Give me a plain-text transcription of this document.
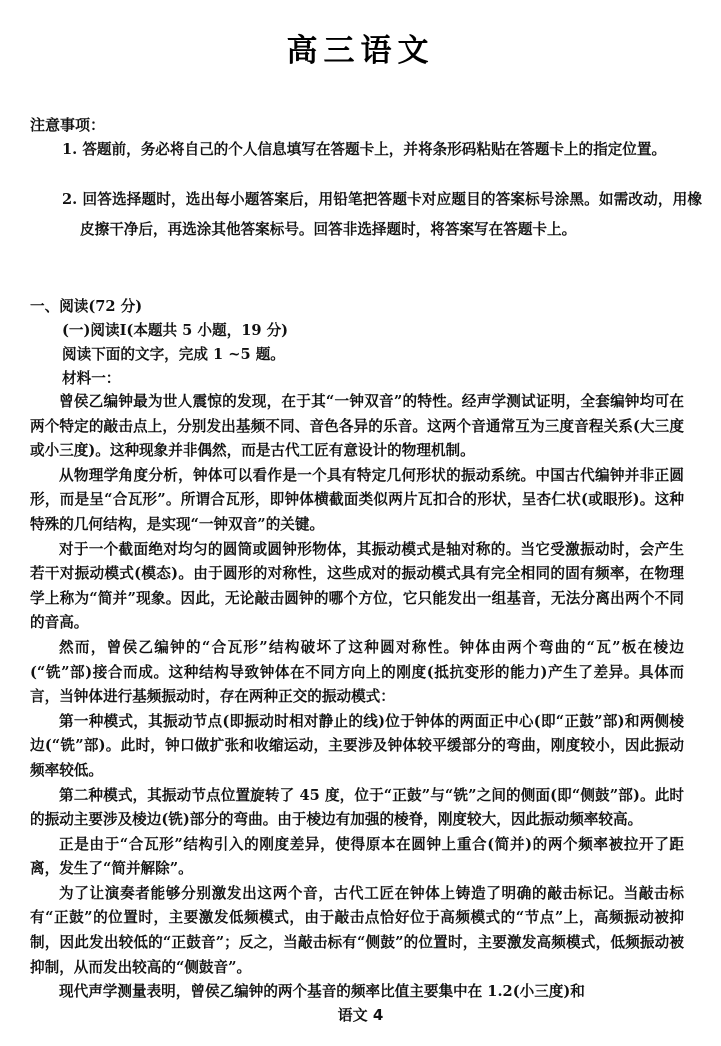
高三语文
注意事项：
1. 答题前，务必将自己的个人信息填写在答题卡上，并将条形码粘贴在答题卡上的指定位置。
2. 回答选择题时，选出每小题答案后，用铅笔把答题卡对应题目的答案标号涂黑。如需改动，用橡皮擦干净后，再选涂其他答案标号。回答非选择题时，将答案写在答题卡上。
一、阅读(72 分)
(一)阅读Ⅰ(本题共 5 小题，19 分)
阅读下面的文字，完成 1 ~5 题。
材料一：

曾侯乙编钟最为世人震惊的发现，在于其“一钟双音”的特性。经声学测试证明，全套编钟均可在两个特定的敲击点上，分别发出基频不同、音色各异的乐音。这两个音通常互为三度音程关系(大三度或小三度)。这种现象并非偶然，而是古代工匠有意设计的物理机制。

从物理学角度分析，钟体可以看作是一个具有特定几何形状的振动系统。中国古代编钟并非正圆形，而是呈“合瓦形”。所谓合瓦形，即钟体横截面类似两片瓦扣合的形状，呈杏仁状(或眼形)。这种特殊的几何结构，是实现“一钟双音”的关键。

对于一个截面绝对均匀的圆筒或圆钟形物体，其振动模式是轴对称的。当它受激振动时，会产生若干对振动模式(模态)。由于圆形的对称性，这些成对的振动模式具有完全相同的固有频率，在物理学上称为“简并”现象。因此，无论敲击圆钟的哪个方位，它只能发出一组基音，无法分离出两个不同的音高。

然而，曾侯乙编钟的“合瓦形”结构破坏了这种圆对称性。钟体由两个弯曲的“瓦”板在棱边(“铣”部)接合而成。这种结构导致钟体在不同方向上的刚度(抵抗变形的能力)产生了差异。具体而言，当钟体进行基频振动时，存在两种正交的振动模式：

第一种模式，其振动节点(即振动时相对静止的线)位于钟体的两面正中心(即“正鼓”部)和两侧棱边(“铣”部)。此时，钟口做扩张和收缩运动，主要涉及钟体较平缓部分的弯曲，刚度较小，因此振动频率较低。

第二种模式，其振动节点位置旋转了 45 度，位于“正鼓”与“铣”之间的侧面(即“侧鼓”部)。此时的振动主要涉及棱边(铣)部分的弯曲。由于棱边有加强的棱脊，刚度较大，因此振动频率较高。

正是由于“合瓦形”结构引入的刚度差异，使得原本在圆钟上重合(简并)的两个频率被拉开了距离，发生了“简并解除”。

为了让演奏者能够分别激发出这两个音，古代工匠在钟体上铸造了明确的敲击标记。当敲击标有“正鼓”的位置时，主要激发低频模式，由于敲击点恰好位于高频模式的“节点”上，高频振动被抑制，因此发出较低的“正鼓音”；反之，当敲击标有“侧鼓”的位置时，主要激发高频模式，低频振动被抑制，从而发出较高的“侧鼓音”。

现代声学测量表明，曾侯乙编钟的两个基音的频率比值主要集中在 1.2(小三度)和

语文 4
